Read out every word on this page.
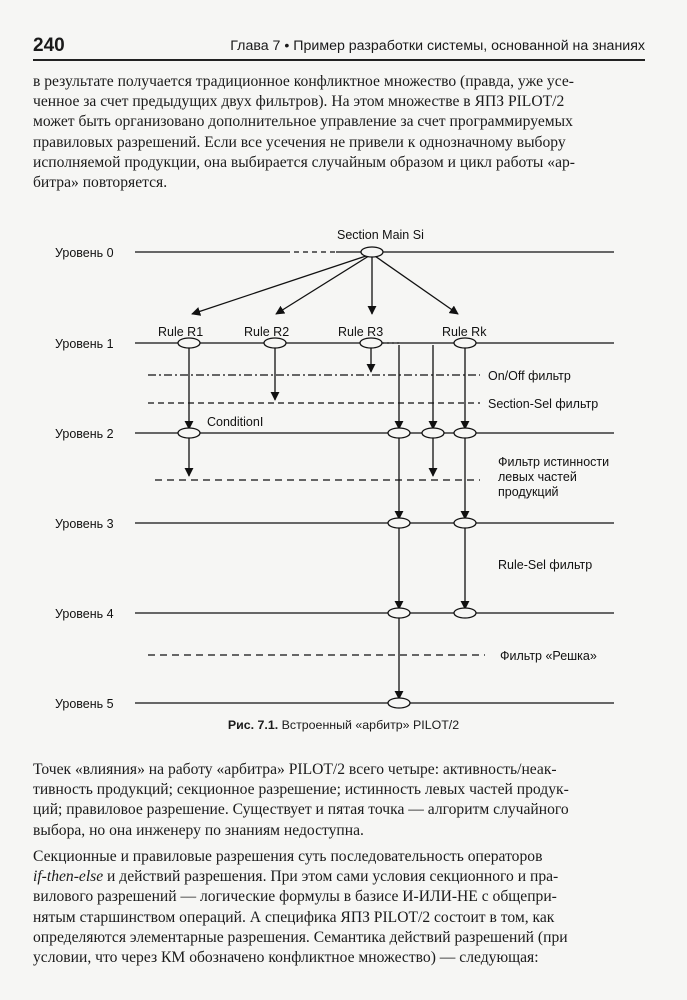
240	Глава 7 • Пример разработки системы, основанной на знаниях

в результате получается традиционное конфликтное множество (правда, уже усе-
ченное за счет предыдущих двух фильтров). На этом множестве в ЯПЗ PILOT/2
может быть организовано дополнительное управление за счет программируемых
правиловых разрешений. Если все усечения не привели к однозначному выбору
исполняемой продукции, она выбирается случайным образом и цикл работы «ар-
битра» повторяется.

Уровень 0
Уровень 1
Уровень 2
Уровень 3
Уровень 4
Уровень 5
Section Main Si
Rule R1	Rule R2	Rule R3	Rule Rk
ConditionI
On/Off фильтр
Section-Sel фильтр
Фильтр истинности
левых частей
продукций
Rule-Sel фильтр
Фильтр «Решка»
Рис. 7.1. Встроенный «арбитр» PILOT/2

Точек «влияния» на работу «арбитра» PILOT/2 всего четыре: активность/неак-
тивность продукций; секционное разрешение; истинность левых частей продук-
ций; правиловое разрешение. Существует и пятая точка — алгоритм случайного
выбора, но она инженеру по знаниям недоступна.

Секционные и правиловые разрешения суть последовательность операторов
if-then-else и действий разрешения. При этом сами условия секционного и пра-
вилового разрешений — логические формулы в базисе И-ИЛИ-НЕ с общепри-
нятым старшинством операций. А специфика ЯПЗ PILOT/2 состоит в том, как
определяются элементарные разрешения. Семантика действий разрешений (при
условии, что через КМ обозначено конфликтное множество) — следующая:
